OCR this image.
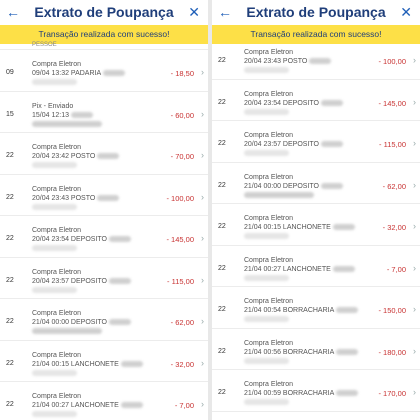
←	Extrato de Poupança	✕
Transação realizada com sucesso!
PESSOE
09
Compra Eletron
09/04 13:32 PADARIA	- 18,50 ›
15
Pix - Enviado
15/04 12:13	- 60,00 ›
22
Compra Eletron
20/04 23:42 POSTO	- 70,00 ›
22
Compra Eletron
20/04 23:43 POSTO	- 100,00 ›
22
Compra Eletron
20/04 23:54 DEPOSITO	- 145,00 ›
22
Compra Eletron
20/04 23:57 DEPOSITO	- 115,00 ›
22
Compra Eletron
21/04 00:00 DEPOSITO	- 62,00 ›
22
Compra Eletron
21/04 00:15 LANCHONETE	- 32,00 ›
22
Compra Eletron
21/04 00:27 LANCHONETE	- 7,00 ›
←	Extrato de Poupança	✕
Transação realizada com sucesso!
22
Compra Eletron
20/04 23:43 POSTO	- 100,00 ›
22
Compra Eletron
20/04 23:54 DEPOSITO	- 145,00 ›
22
Compra Eletron
20/04 23:57 DEPOSITO	- 115,00 ›
22
Compra Eletron
21/04 00:00 DEPOSITO	- 62,00 ›
22
Compra Eletron
21/04 00:15 LANCHONETE	- 32,00 ›
22
Compra Eletron
21/04 00:27 LANCHONETE	- 7,00 ›
22
Compra Eletron
21/04 00:54 BORRACHARIA	- 150,00 ›
22
Compra Eletron
21/04 00:56 BORRACHARIA	- 180,00 ›
22
Compra Eletron
21/04 00:59 BORRACHARIA	- 170,00 ›
